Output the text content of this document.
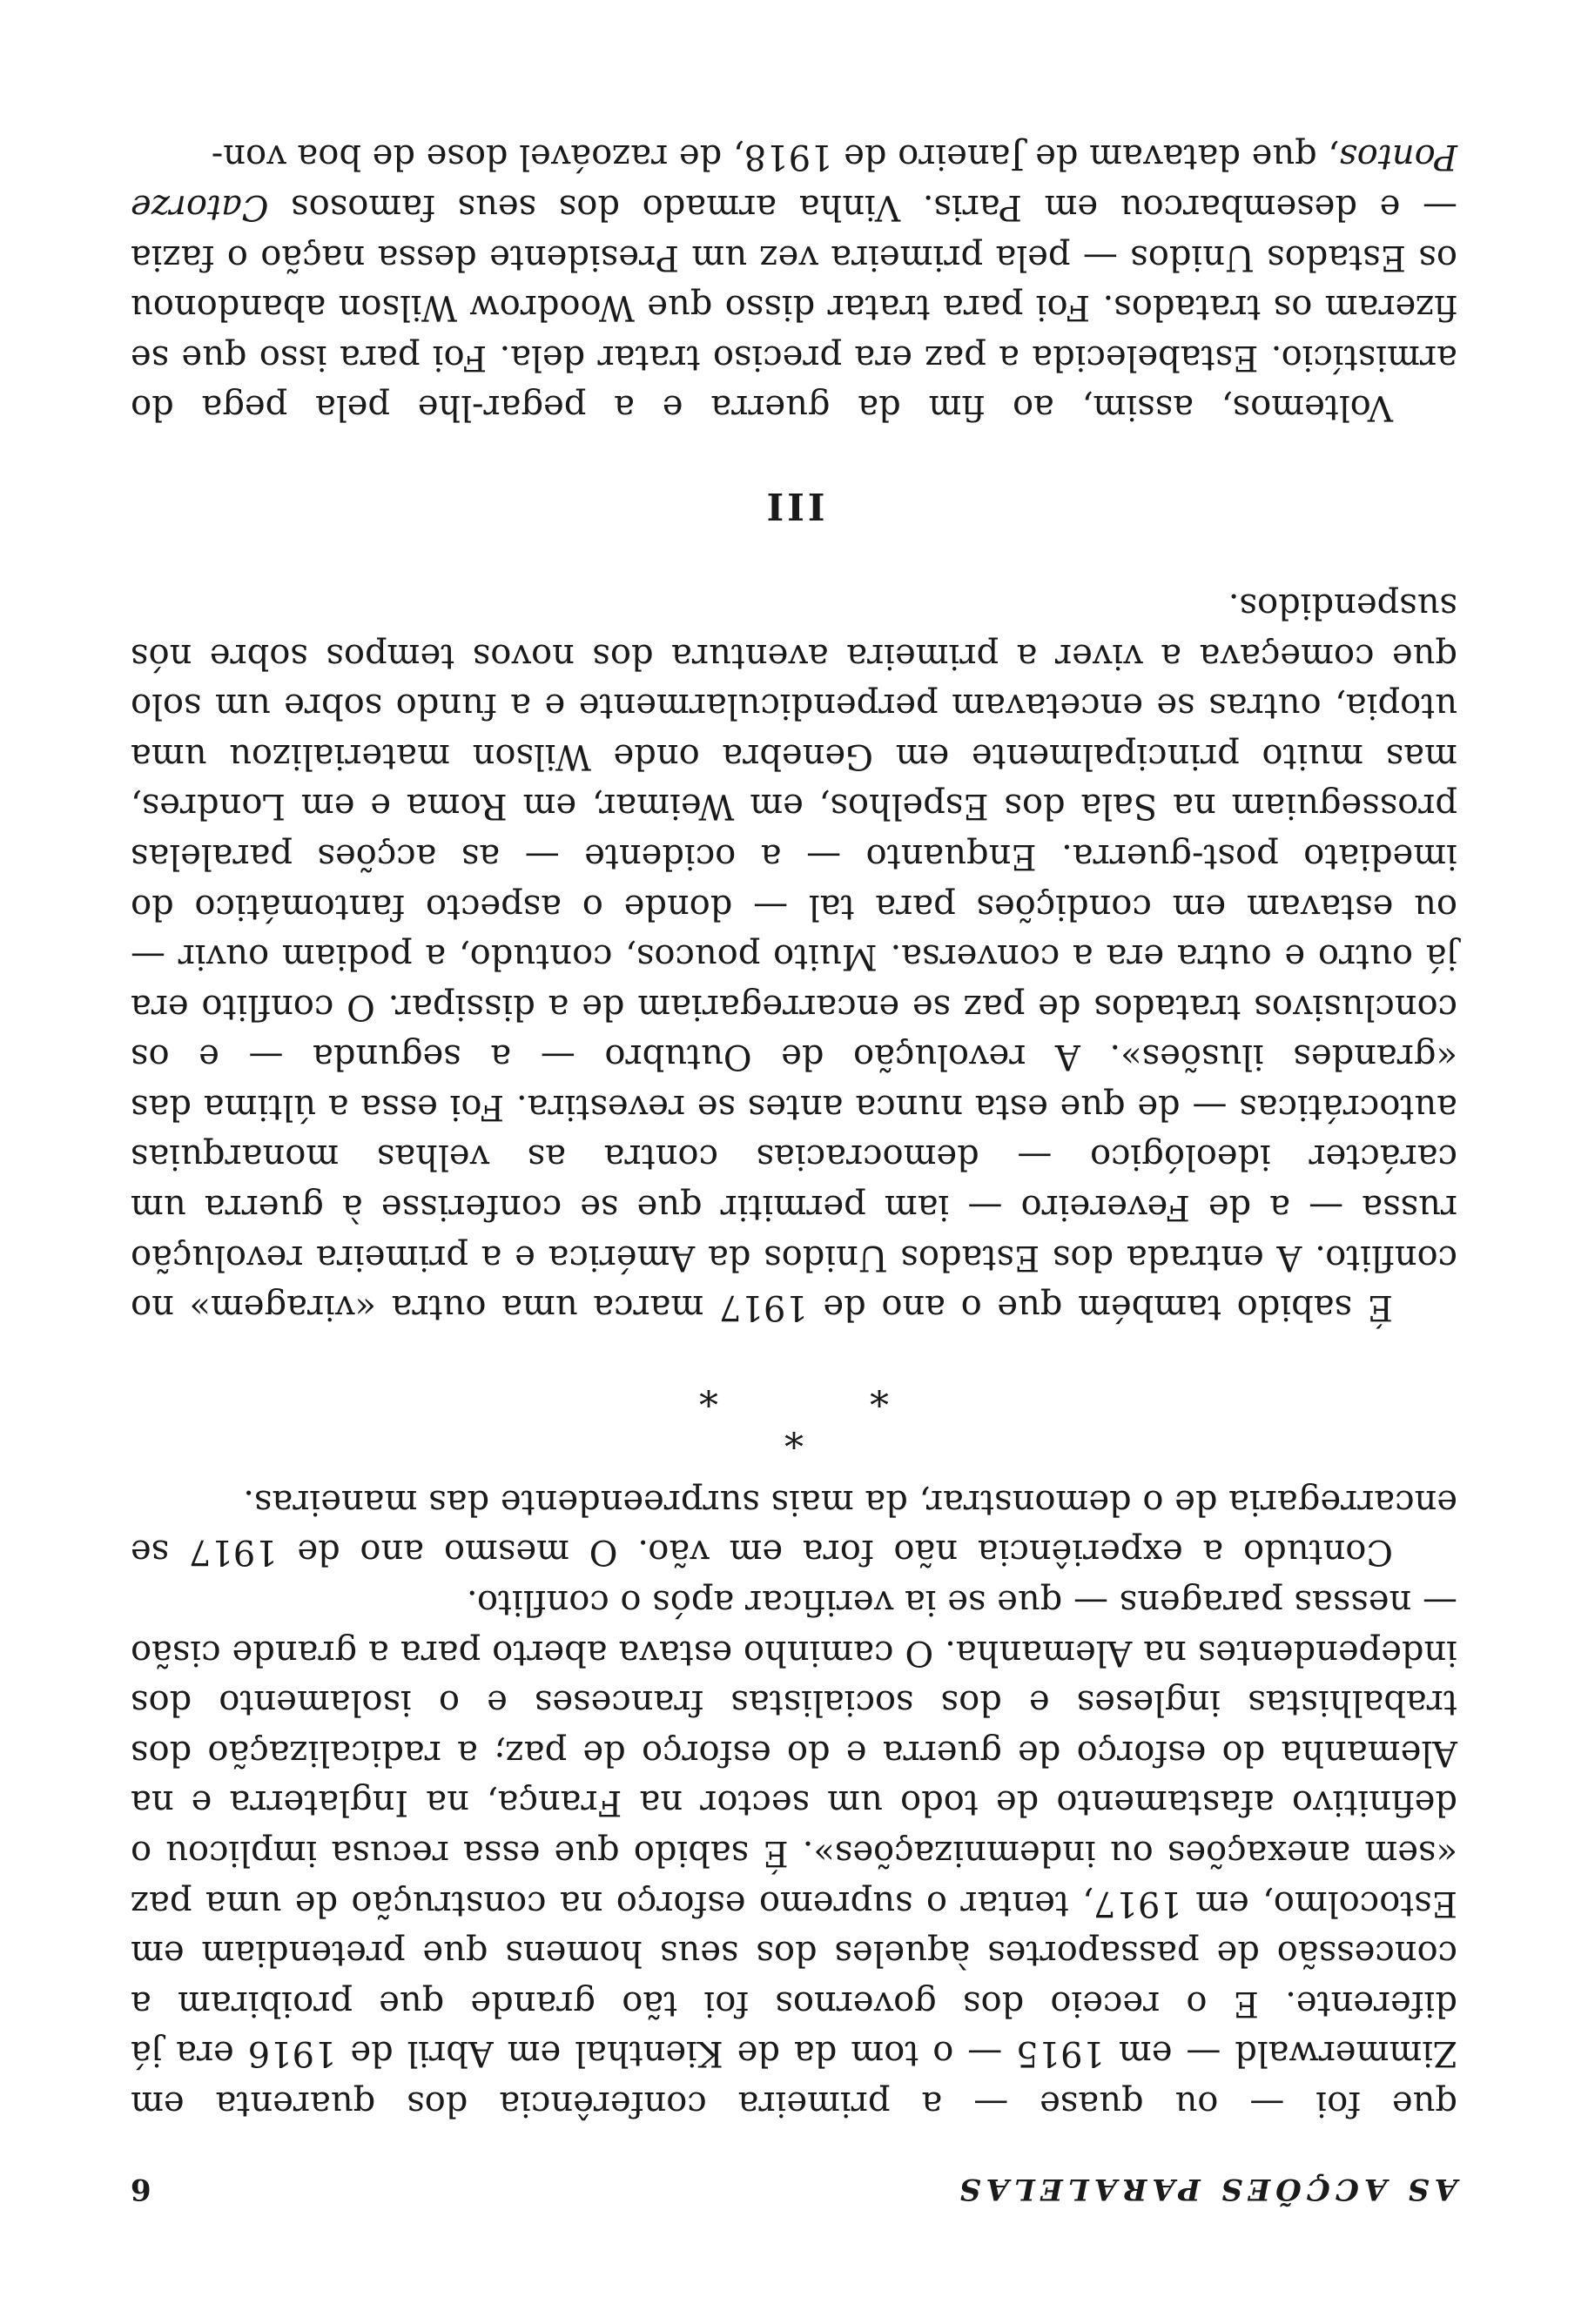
AS ACÇÕES PARALELAS
6

que foi — ou quase — a primeira conferência dos quarenta em Zimmerwald — em 1915 — o tom da de Kienthal em Abril de 1916 era já diferente. E o receio dos governos foi tão grande que proibiram a concessão de passaportes àqueles dos seus homens que pretendiam em Estocolmo, em 1917, tentar o supremo esforço na construção de uma paz «sem anexações ou indemnizações». É sabido que essa recusa implicou o definitivo afastamento de todo um sector na França, na Inglaterra e na Alemanha do esforço de guerra e do esforço de paz; a radicalização dos trabalhistas ingleses e dos socialistas franceses e o isolamento dos independentes na Alemanha. O caminho estava aberto para a grande cisão — nessas paragens — que se ia verificar após o conflito.

Contudo a experiência não fora em vão. O mesmo ano de 1917 se encarregaria de o demonstrar, da mais surpreendente das maneiras.

*
* *

É sabido também que o ano de 1917 marca uma outra «viragem» no conflito. A entrada dos Estados Unidos da América e a primeira revolução russa — a de Fevereiro — iam permitir que se conferisse à guerra um carácter ideológico — democracias contra as velhas monarquias autocráticas — de que esta nunca antes se revestira. Foi essa a última das «grandes ilusões». A revolução de Outubro — a segunda — e os conclusivos tratados de paz se encarregariam de a dissipar. O conflito era já outro e outra era a conversa. Muito poucos, contudo, a podiam ouvir — ou estavam em condições para tal — donde o aspecto fantomático do imediato post-guerra. Enquanto — a ocidente — as acções paralelas prosseguiam na Sala dos Espelhos, em Weimar, em Roma e em Londres, mas muito principalmente em Genebra onde Wilson materializou uma utopia, outras se encetavam perpendicularmente e a fundo sobre um solo que começava a viver a primeira aventura dos novos tempos sobre nós suspendidos.

III

Voltemos, assim, ao fim da guerra e a pegar-lhe pela pega do armistício. Estabelecida a paz era preciso tratar dela. Foi para isso que se fizeram os tratados. Foi para tratar disso que Woodrow Wilson abandonou os Estados Unidos — pela primeira vez um Presidente dessa nação o fazia — e desembarcou em Paris. Vinha armado dos seus famosos Catorze Pontos, que datavam de Janeiro de 1918, de razoável dose de boa von-
